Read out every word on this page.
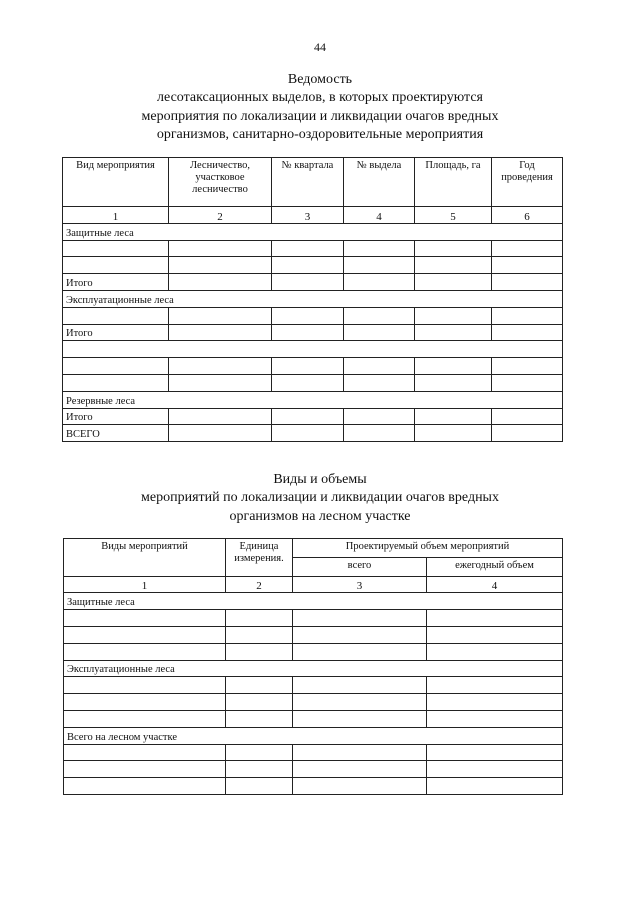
44
Ведомость
лесотаксационных выделов, в которых проектируются
мероприятия по локализации и ликвидации очагов вредных
организмов, санитарно-оздоровительные мероприятия
Вид мероприятия	Лесничество, участковое лесничество	№ квартала	№ выдела	Площадь, га	Год проведения
1	2	3	4	5	6
Защитные леса					

Итого					
Эксплуатационные леса					

Итого					

Резервные леса					
Итого					
ВСЕГО					
Виды и объемы
мероприятий по локализации и ликвидации очагов вредных
организмов на лесном участке
Виды мероприятий	Единица измерения.	Проектируемый объем мероприятий	
		всего	ежегодный объем
1	2	3	4
Защитные леса			

Эксплуатационные леса			

Всего на лесном участке			
